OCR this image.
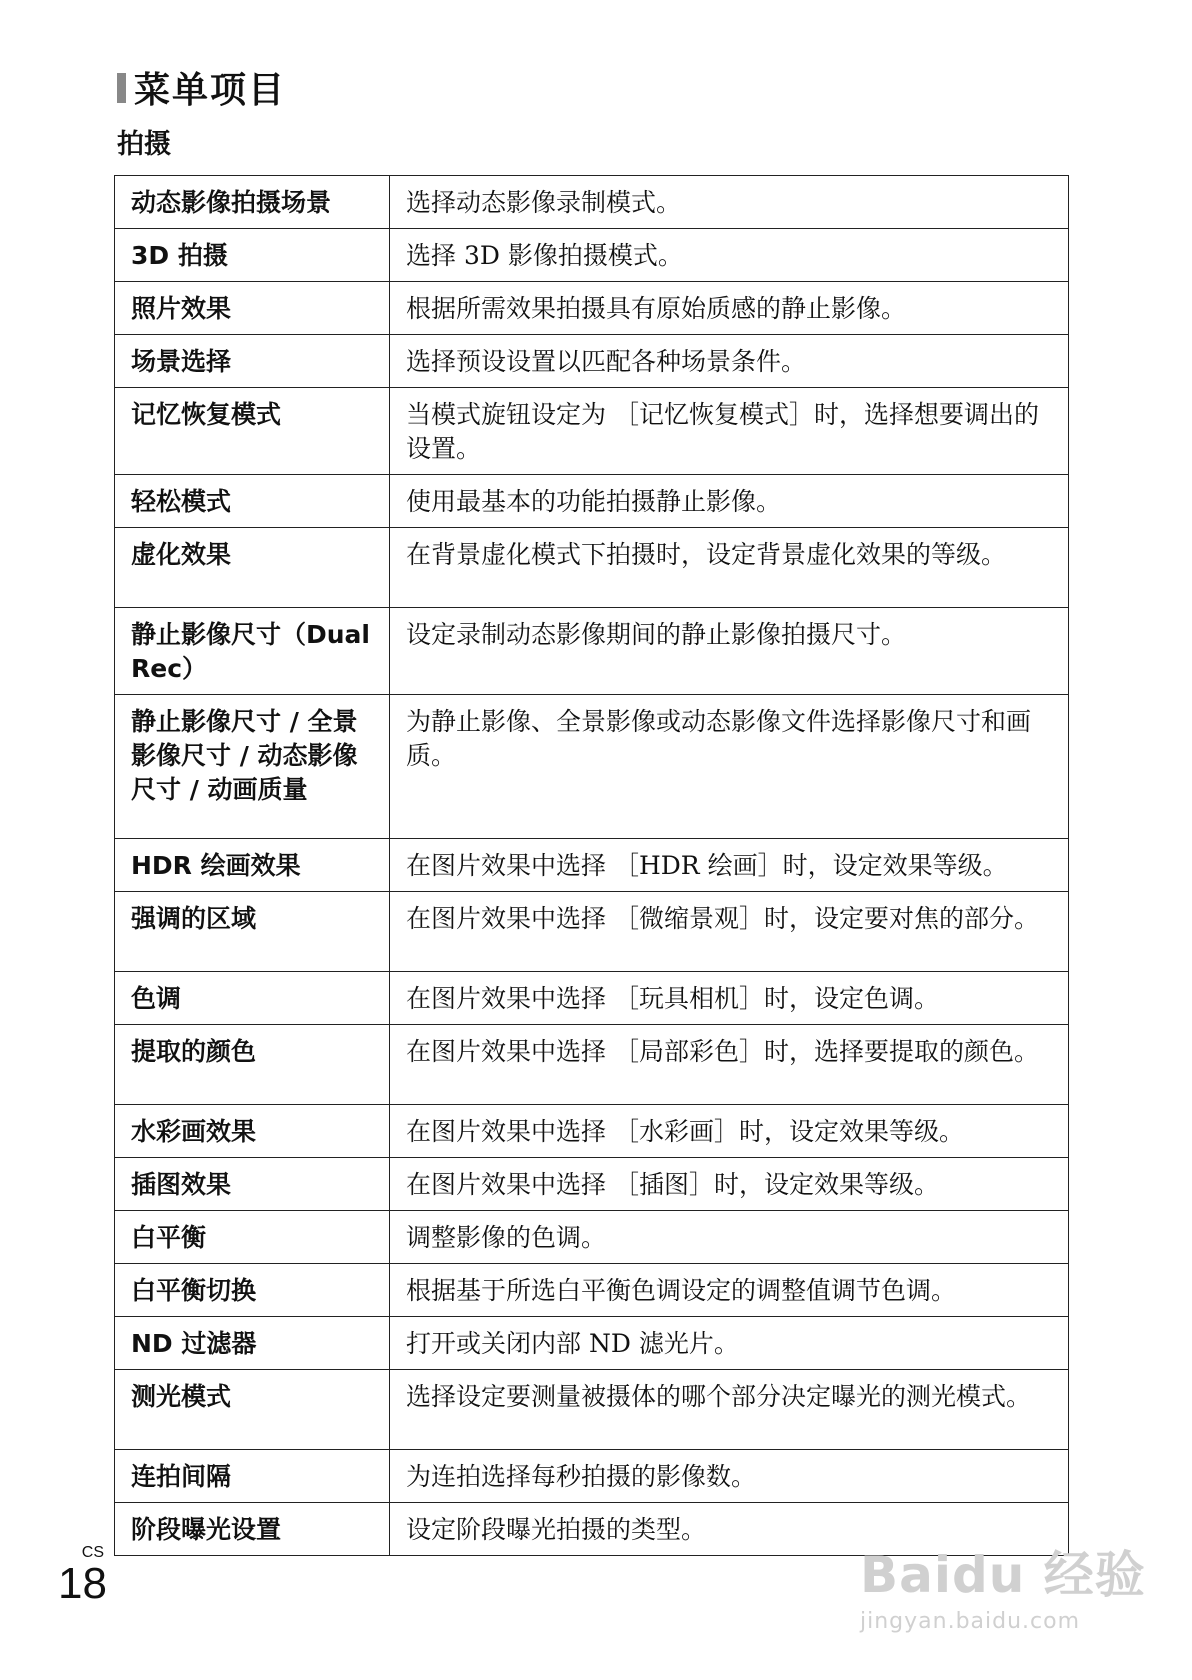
菜单项目
拍摄
动态影像拍摄场景	选择动态影像录制模式。
3D 拍摄	选择 3D 影像拍摄模式。
照片效果	根据所需效果拍摄具有原始质感的静止影像。
场景选择	选择预设设置以匹配各种场景条件。
记忆恢复模式	当模式旋钮设定为 ［记忆恢复模式］时，选择想要调出的设置。
轻松模式	使用最基本的功能拍摄静止影像。
虚化效果	在背景虚化模式下拍摄时，设定背景虚化效果的等级。
静止影像尺寸（Dual Rec）	设定录制动态影像期间的静止影像拍摄尺寸。
静止影像尺寸 / 全景影像尺寸 / 动态影像尺寸 / 动画质量	为静止影像、全景影像或动态影像文件选择影像尺寸和画质。
HDR 绘画效果	在图片效果中选择 ［HDR 绘画］时，设定效果等级。
强调的区域	在图片效果中选择 ［微缩景观］时，设定要对焦的部分。
色调	在图片效果中选择 ［玩具相机］时，设定色调。
提取的颜色	在图片效果中选择 ［局部彩色］时，选择要提取的颜色。
水彩画效果	在图片效果中选择 ［水彩画］时，设定效果等级。
插图效果	在图片效果中选择 ［插图］时，设定效果等级。
白平衡	调整影像的色调。
白平衡切换	根据基于所选白平衡色调设定的调整值调节色调。
ND 过滤器	打开或关闭内部 ND 滤光片。
测光模式	选择设定要测量被摄体的哪个部分决定曝光的测光模式。
连拍间隔	为连拍选择每秒拍摄的影像数。
阶段曝光设置	设定阶段曝光拍摄的类型。
CS
18	Baidu 经验
jingyan.baidu.com
